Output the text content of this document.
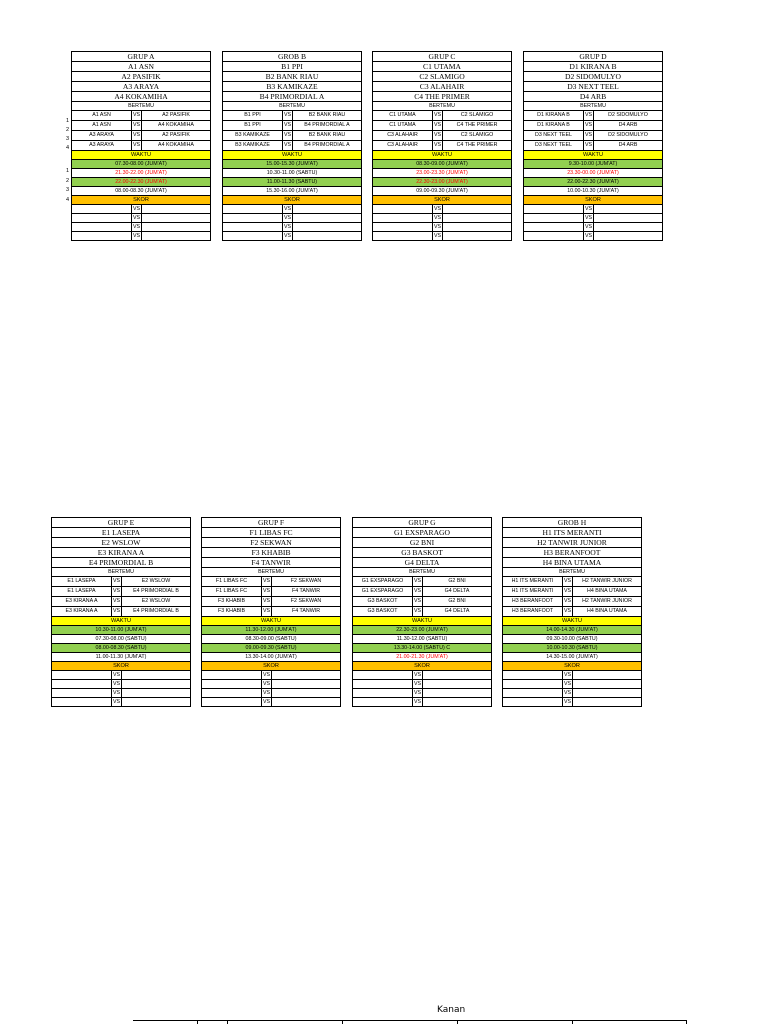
1
2
3
4
1
2
3
4
GRUP A		
A1 ASN		
A2 PASIFIK		
A3 ARAYA		
A4 KOKAMIHA		
BERTEMU		
A1 ASN	VS	A2 PASIFIK
A1 ASN	VS	A4 KOKAMIHA
A3 ARAYA	VS	A2 PASIFIK
A3 ARAYA	VS	A4 KOKAMIHA
WAKTU		
07.30-08.00 (JUM'AT)		
21.30-22.00 (JUM'AT)		
22.00-22.30 (JUM'AT)		
08.00-08.30 (JUM'AT)		
SKOR		
	VS	
	VS	
	VS	
	VS	
GROB B		
B1 PPI		
B2 BANK RIAU		
B3 KAMIKAZE		
B4 PRIMORDIAL A		
BERTEMU		
B1 PPI	VS	B2 BANK RIAU
B1 PPI	VS	B4 PRIMORDIAL A
B3 KAMIKAZE	VS	B2 BANK RIAU
B3 KAMIKAZE	VS	B4 PRIMORDIAL A
WAKTU		
15.00-15.30 (JUM'AT)		
10.30-11.00 (SABTU)		
11.00-11.30 (SABTU)		
15.30-16.00 (JUM'AT)		
SKOR		
	VS	
	VS	
	VS	
	VS	
GRUP C		
C1 UTAMA		
C2 SLAMIGO		
C3 ALAHAIR		
C4 THE PRIMER		
BERTEMU		
C1 UTAMA	VS	C2 SLAMIGO
C1 UTAMA	VS	C4 THE PRIMER
C3 ALAHAIR	VS	C2 SLAMIGO
C3 ALAHAIR	VS	C4 THE PRIMER
WAKTU		
08.30-09.00 (JUM'AT)		
23.00-23.30 (JUM'AT)		
22.30-23.00 (JUM'AT)		
09.00-09.30 (JUM'AT)		
SKOR		
	VS	
	VS	
	VS	
	VS	
GRUP D		
D1 KIRANA B		
D2 SIDOMULYO		
D3 NEXT TEEL		
D4 ARB		
BERTEMU		
D1 KIRANA B	VS	D2 SIDOMULYO
D1 KIRANA B	VS	D4 ARB
D3 NEXT TEEL	VS	D2 SIDOMULYO
D3 NEXT TEEL	VS	D4 ARB
WAKTU		
9.30-10.00 (JUM'AT)		
23.30-00.00 (JUM'AT)		
22.00-22.30 (JUM'AT)		
10.00-10.30 (JUM'AT)		
SKOR		
	VS	
	VS	
	VS	
	VS	
GRUP E		
E1 LASEPA		
E2 WSLOW		
E3 KIRANA A		
E4 PRIMORDIAL B		
BERTEMU		
E1 LASEPA	VS	E2 WSLOW
E1 LASEPA	VS	E4 PRIMORDIAL B
E3 KIRANA A	VS	E2 WSLOW
E3 KIRANA A	VS	E4 PRIMORDIAL B
WAKTU		
10.30-11.00 (JUM'AT)		
07.30-08.00 (SABTU)		
08.00-08.30 (SABTU)		
11.00-11.30 (JUM'AT)		
SKOR		
	VS	
	VS	
	VS	
	VS	
GRUP F		
F1 LIBAS FC		
F2 SEKWAN		
F3 KHABIB		
F4 TANWIR		
BERTEMU		
F1 LIBAS FC	VS	F2 SEKWAN
F1 LIBAS FC	VS	F4 TANWIR
F3 KHABIB	VS	F2 SEKWAN
F3 KHABIB	VS	F4 TANWIR
WAKTU		
11.30-12.00 (JUM'AT)		
08.30-09.00 (SABTU)		
09.00-09.30 (SABTU)		
13.30-14.00 (JUM'AT)		
SKOR		
	VS	
	VS	
	VS	
	VS	
GRUP G		
G1 EXSPARAGO		
G2 BNI		
G3 BASKOT		
G4 DELTA		
BERTEMU		
G1 EXSPARAGO	VS	G2 BNI
G1 EXSPARAGO	VS	G4 DELTA
G3 BASKOT	VS	G2 BNI
G3 BASKOT	VS	G4 DELTA
WAKTU		
22.30-23.00 (JUM'AT)		
11.30-12.00 (SABTU)		
13.30-14.00 (SABTU) C		
21.00-21.30 (JUM'AT)		
SKOR		
	VS	
	VS	
	VS	
	VS	
GROB H		
H1 ITS MERANTI		
H2 TANWIR JUNIOR		
H3 BERANFOOT		
H4 BINA UTAMA		
BERTEMU		
H1 ITS MERANTI	VS	H2 TANWIR JUNIOR
H1 ITS MERANTI	VS	H4 BINA UTAMA
H3 BERANFOOT	VS	H2 TANWIR JUNIOR
H3 BERANFOOT	VS	H4 BINA UTAMA
WAKTU		
14.00-14.30 (JUM'AT)		
09.30-10.00 (SABTU)		
10.00-10.30 (SABTU)		
14.30-15.00 (JUM'AT)		
SKOR		
	VS	
	VS	
	VS	
	VS	
Kanan
